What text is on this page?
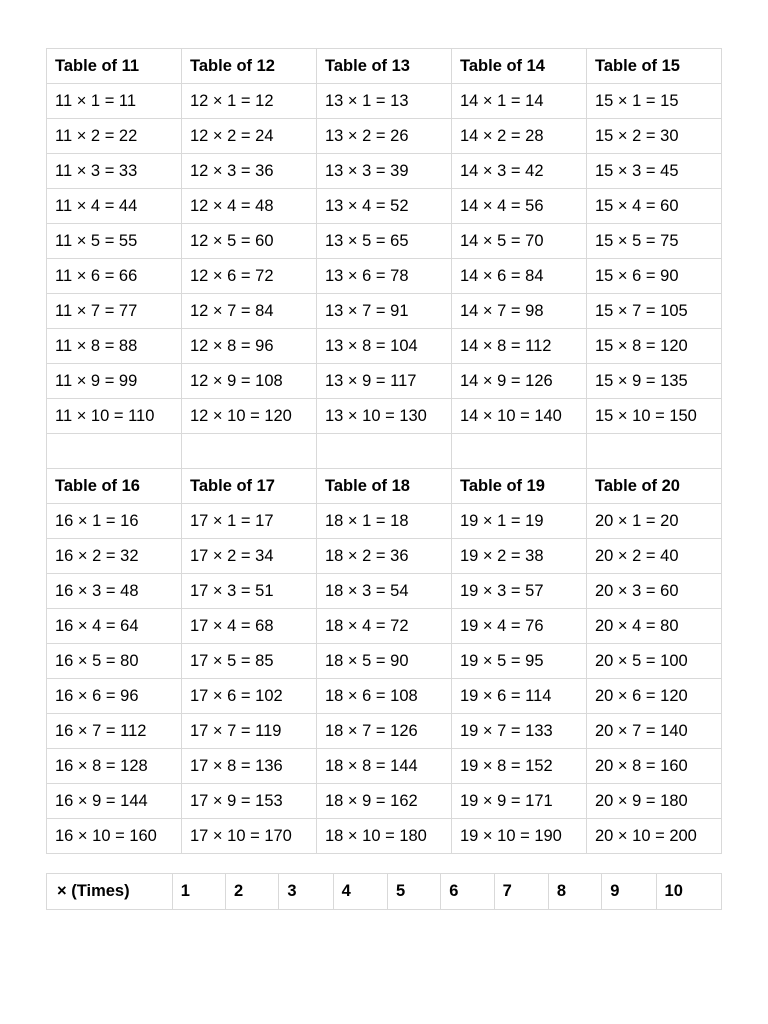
Table of 11	Table of 12	Table of 13	Table of 14	Table of 15
11 × 1 = 11	12 × 1 = 12	13 × 1 = 13	14 × 1 = 14	15 × 1 = 15
11 × 2 = 22	12 × 2 = 24	13 × 2 = 26	14 × 2 = 28	15 × 2 = 30
11 × 3 = 33	12 × 3 = 36	13 × 3 = 39	14 × 3 = 42	15 × 3 = 45
11 × 4 = 44	12 × 4 = 48	13 × 4 = 52	14 × 4 = 56	15 × 4 = 60
11 × 5 = 55	12 × 5 = 60	13 × 5 = 65	14 × 5 = 70	15 × 5 = 75
11 × 6 = 66	12 × 6 = 72	13 × 6 = 78	14 × 6 = 84	15 × 6 = 90
11 × 7 = 77	12 × 7 = 84	13 × 7 = 91	14 × 7 = 98	15 × 7 = 105
11 × 8 = 88	12 × 8 = 96	13 × 8 = 104	14 × 8 = 112	15 × 8 = 120
11 × 9 = 99	12 × 9 = 108	13 × 9 = 117	14 × 9 = 126	15 × 9 = 135
11 × 10 = 110	12 × 10 = 120	13 × 10 = 130	14 × 10 = 140	15 × 10 = 150

Table of 16	Table of 17	Table of 18	Table of 19	Table of 20
16 × 1 = 16	17 × 1 = 17	18 × 1 = 18	19 × 1 = 19	20 × 1 = 20
16 × 2 = 32	17 × 2 = 34	18 × 2 = 36	19 × 2 = 38	20 × 2 = 40
16 × 3 = 48	17 × 3 = 51	18 × 3 = 54	19 × 3 = 57	20 × 3 = 60
16 × 4 = 64	17 × 4 = 68	18 × 4 = 72	19 × 4 = 76	20 × 4 = 80
16 × 5 = 80	17 × 5 = 85	18 × 5 = 90	19 × 5 = 95	20 × 5 = 100
16 × 6 = 96	17 × 6 = 102	18 × 6 = 108	19 × 6 = 114	20 × 6 = 120
16 × 7 = 112	17 × 7 = 119	18 × 7 = 126	19 × 7 = 133	20 × 7 = 140
16 × 8 = 128	17 × 8 = 136	18 × 8 = 144	19 × 8 = 152	20 × 8 = 160
16 × 9 = 144	17 × 9 = 153	18 × 9 = 162	19 × 9 = 171	20 × 9 = 180
16 × 10 = 160	17 × 10 = 170	18 × 10 = 180	19 × 10 = 190	20 × 10 = 200
× (Times)	1	2	3	4	5	6	7	8	9	10
